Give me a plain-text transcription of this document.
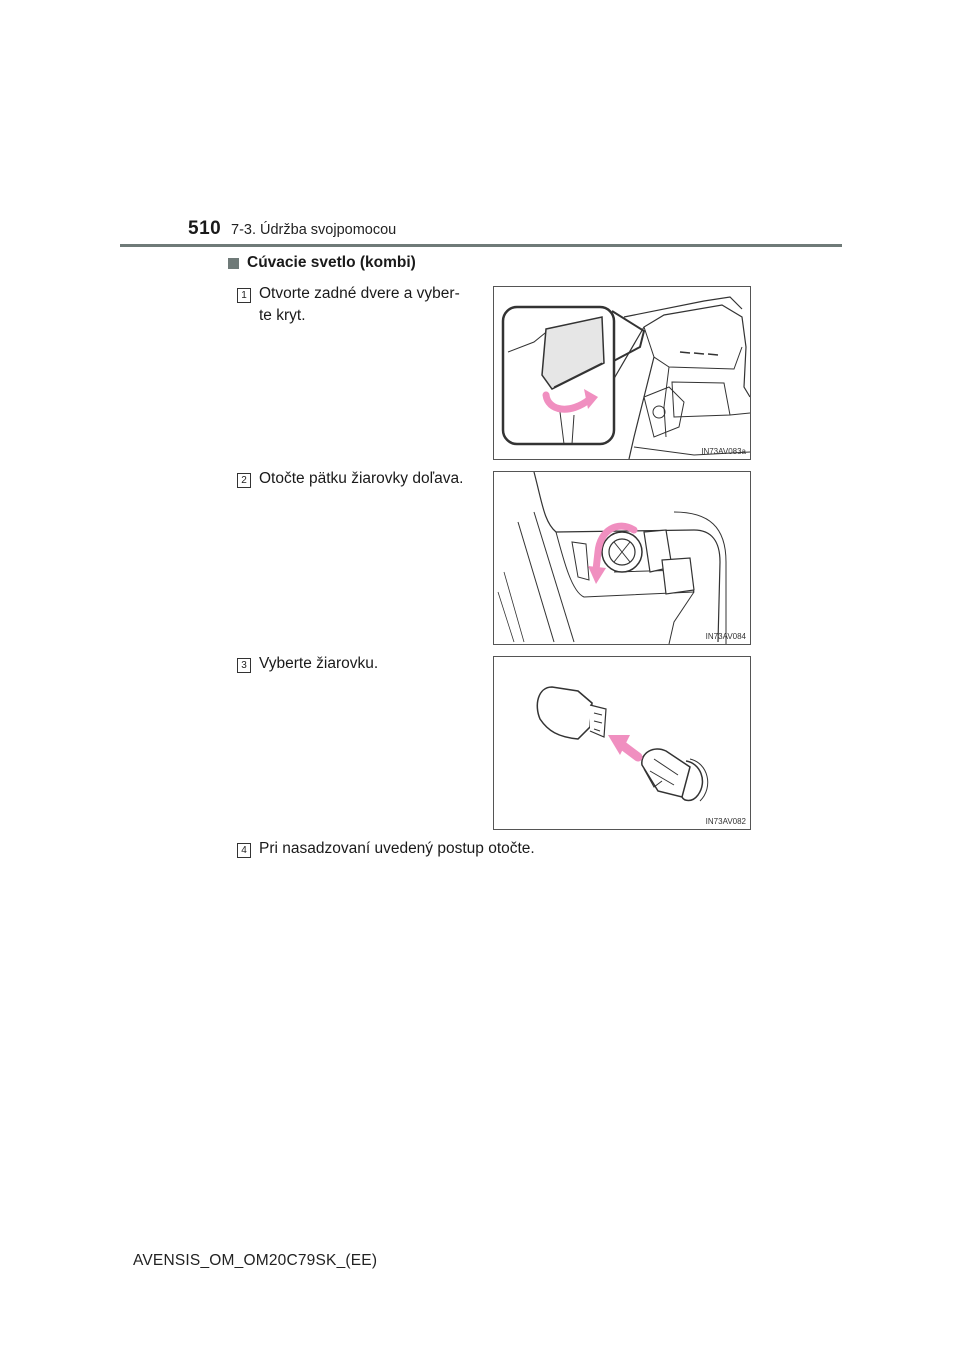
510 7-3. Údržba svojpomocou
Cúvacie svetlo (kombi)
1 Otvorte zadné dvere a vyber-
te kryt.
IN73AV083a
2 Otočte pätku žiarovky doľava.
IN73AV084
3 Vyberte žiarovku.
IN73AV082
4 Pri nasadzovaní uvedený postup otočte.
AVENSIS_OM_OM20C79SK_(EE)
